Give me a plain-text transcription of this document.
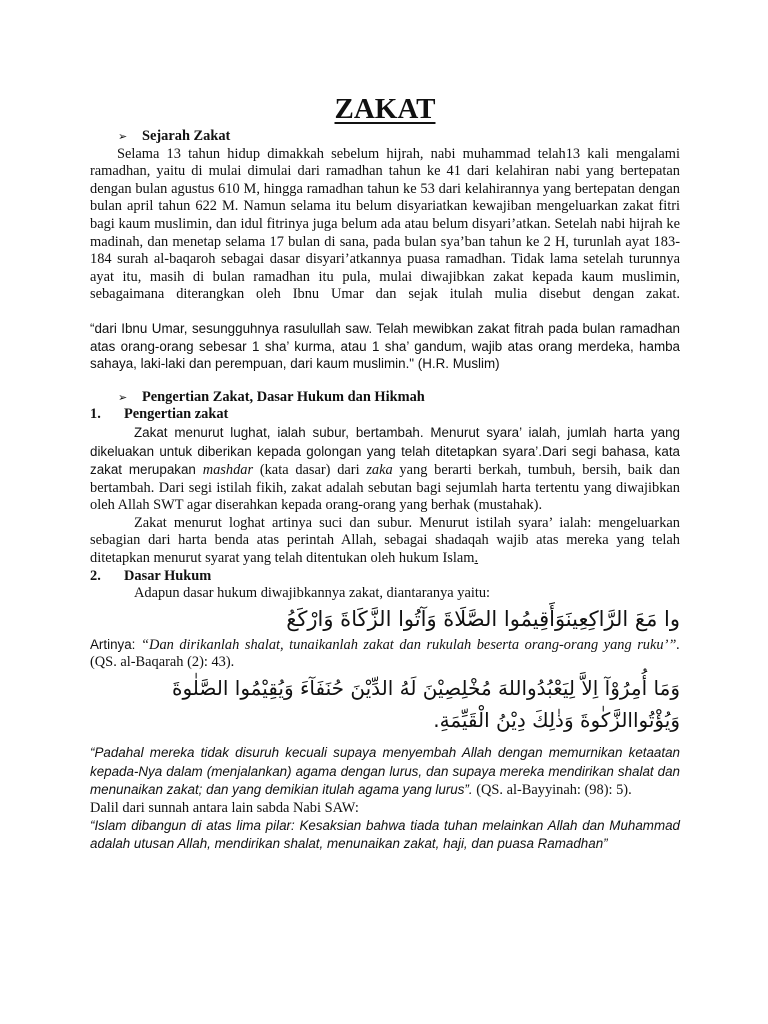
ZAKAT
➢	Sejarah Zakat

Selama 13 tahun hidup dimakkah sebelum hijrah, nabi muhammad telah13 kali mengalami ramadhan, yaitu di mulai dimulai dari ramadhan tahun ke 41 dari kelahiran nabi yang bertepatan dengan bulan agustus 610 M, hingga ramadhan tahun ke 53 dari kelahirannya yang bertepatan dengan bulan april tahun 622 M. Namun selama itu belum disyariatkan kewajiban mengeluarkan zakat fitri bagi kaum muslimin, dan idul fitrinya juga belum ada atau belum disyari’atkan. Setelah nabi hijrah ke madinah, dan menetap selama 17 bulan di sana, pada bulan sya’ban tahun ke 2 H, turunlah ayat 183-184 surah al-baqaroh sebagai dasar disyari’atkannya puasa ramadhan. Tidak lama setelah turunnya ayat itu, masih di bulan ramadhan itu pula, mulai diwajibkan zakat kepada kaum muslimin, sebagaimana diterangkan oleh Ibnu Umar dan sejak itulah mulia disebut dengan zakat.

“dari Ibnu Umar, sesungguhnya rasulullah saw. Telah mewibkan zakat fitrah pada bulan ramadhan atas orang-orang sebesar 1 sha’ kurma, atau 1 sha’ gandum, wajib atas orang merdeka, hamba sahaya, laki-laki dan perempuan, dari kaum muslimin." (H.R. Muslim)

➢	Pengertian Zakat, Dasar Hukum dan Hikmah
1.	Pengertian zakat

Zakat menurut lughat, ialah subur, bertambah. Menurut syara’ ialah, jumlah harta yang dikeluakan untuk diberikan kepada golongan yang telah ditetapkan syara’.Dari segi bahasa, kata zakat merupakan mashdar (kata dasar) dari zaka yang berarti berkah, tumbuh, bersih, baik dan bertambah. Dari segi istilah fikih, zakat adalah sebutan bagi sejumlah harta tertentu yang diwajibkan oleh Allah SWT agar diserahkan kepada orang-orang yang berhak (mustahak).

Zakat menurut loghat artinya suci dan subur. Menurut istilah syara’ ialah: mengeluarkan sebagian dari harta benda atas perintah Allah, sebagai shadaqah wajib atas mereka yang telah ditetapkan menurut syarat yang telah ditentukan oleh hukum Islam.

2.	Dasar Hukum

Adapun dasar hukum diwajibkannya zakat, diantaranya yaitu:

وا مَعَ الرَّاكِعِينَوَأَقِيمُوا الصَّلَاةَ وَآتُوا الزَّكَاةَ وَارْكَعُ

Artinya: “Dan dirikanlah shalat, tunaikanlah zakat dan rukulah beserta orang-orang yang ruku’”.(QS. al-Baqarah (2): 43).

وَمَا أُمِرُوْآ اِلاَّ لِيَعْبُدُواللهَ مُخْلِصِيْنَ لَهُ الدِّيْنَ حُنَفَآءَ وَيُقِيْمُوا الصَّلٰوةَ
وَيُؤْتُواالزَّكٰوةَ وَذٰلِكَ دِيْنُ الْقَيِّمَةِ.

“Padahal mereka tidak disuruh kecuali supaya menyembah Allah dengan memurnikan ketaatan kepada-Nya dalam (menjalankan) agama dengan lurus, dan supaya mereka mendirikan shalat dan menunaikan zakat; dan yang demikian itulah agama yang lurus”. (QS. al-Bayyinah: (98): 5).

Dalil dari sunnah antara lain sabda Nabi SAW:

“Islam dibangun di atas lima pilar: Kesaksian bahwa tiada tuhan melainkan Allah dan Muhammad adalah utusan Allah, mendirikan shalat, menunaikan zakat, haji, dan puasa Ramadhan”
